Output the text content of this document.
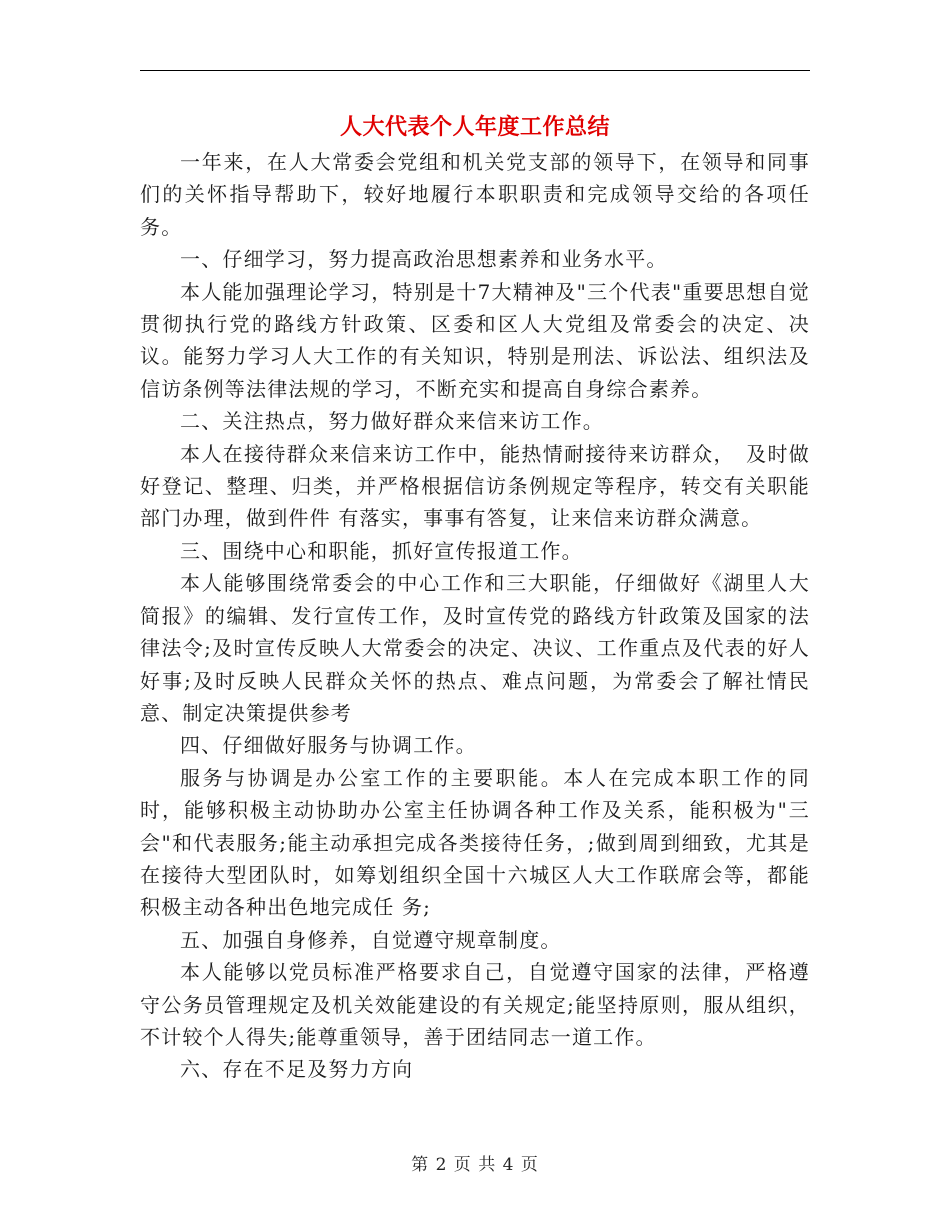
人大代表个人年度工作总结

一年来，在人大常委会党组和机关党支部的领导下，在领导和同事们的关怀指导帮助下，较好地履行本职职责和完成领导交给的各项任务。

一、仔细学习，努力提高政治思想素养和业务水平。

本人能加强理论学习，特别是十7大精神及"三个代表"重要思想自觉贯彻执行党的路线方针政策、区委和区人大党组及常委会的决定、决议。能努力学习人大工作的有关知识，特别是刑法、诉讼法、组织法及信访条例等法律法规的学习，不断充实和提高自身综合素养。

二、关注热点，努力做好群众来信来访工作。

本人在接待群众来信来访工作中，能热情耐接待来访群众，　及时做好登记、整理、归类，并严格根据信访条例规定等程序，转交有关职能部门办理，做到件件 有落实，事事有答复，让来信来访群众满意。

三、围绕中心和职能，抓好宣传报道工作。

本人能够围绕常委会的中心工作和三大职能，仔细做好《湖里人大简报》的编辑、发行宣传工作，及时宣传党的路线方针政策及国家的法律法令;及时宣传反映人大常委会的决定、决议、工作重点及代表的好人好事;及时反映人民群众关怀的热点、难点问题，为常委会了解社情民意、制定决策提供参考

四、仔细做好服务与协调工作。

服务与协调是办公室工作的主要职能。本人在完成本职工作的同时，能够积极主动协助办公室主任协调各种工作及关系，能积极为"三会"和代表服务;能主动承担完成各类接待任务，;做到周到细致，尤其是在接待大型团队时，如筹划组织全国十六城区人大工作联席会等，都能积极主动各种出色地完成任 务;

五、加强自身修养，自觉遵守规章制度。

本人能够以党员标准严格要求自己，自觉遵守国家的法律，严格遵守公务员管理规定及机关效能建设的有关规定;能坚持原则，服从组织，不计较个人得失;能尊重领导，善于团结同志一道工作。

六、存在不足及努力方向

第 2 页 共 4 页
